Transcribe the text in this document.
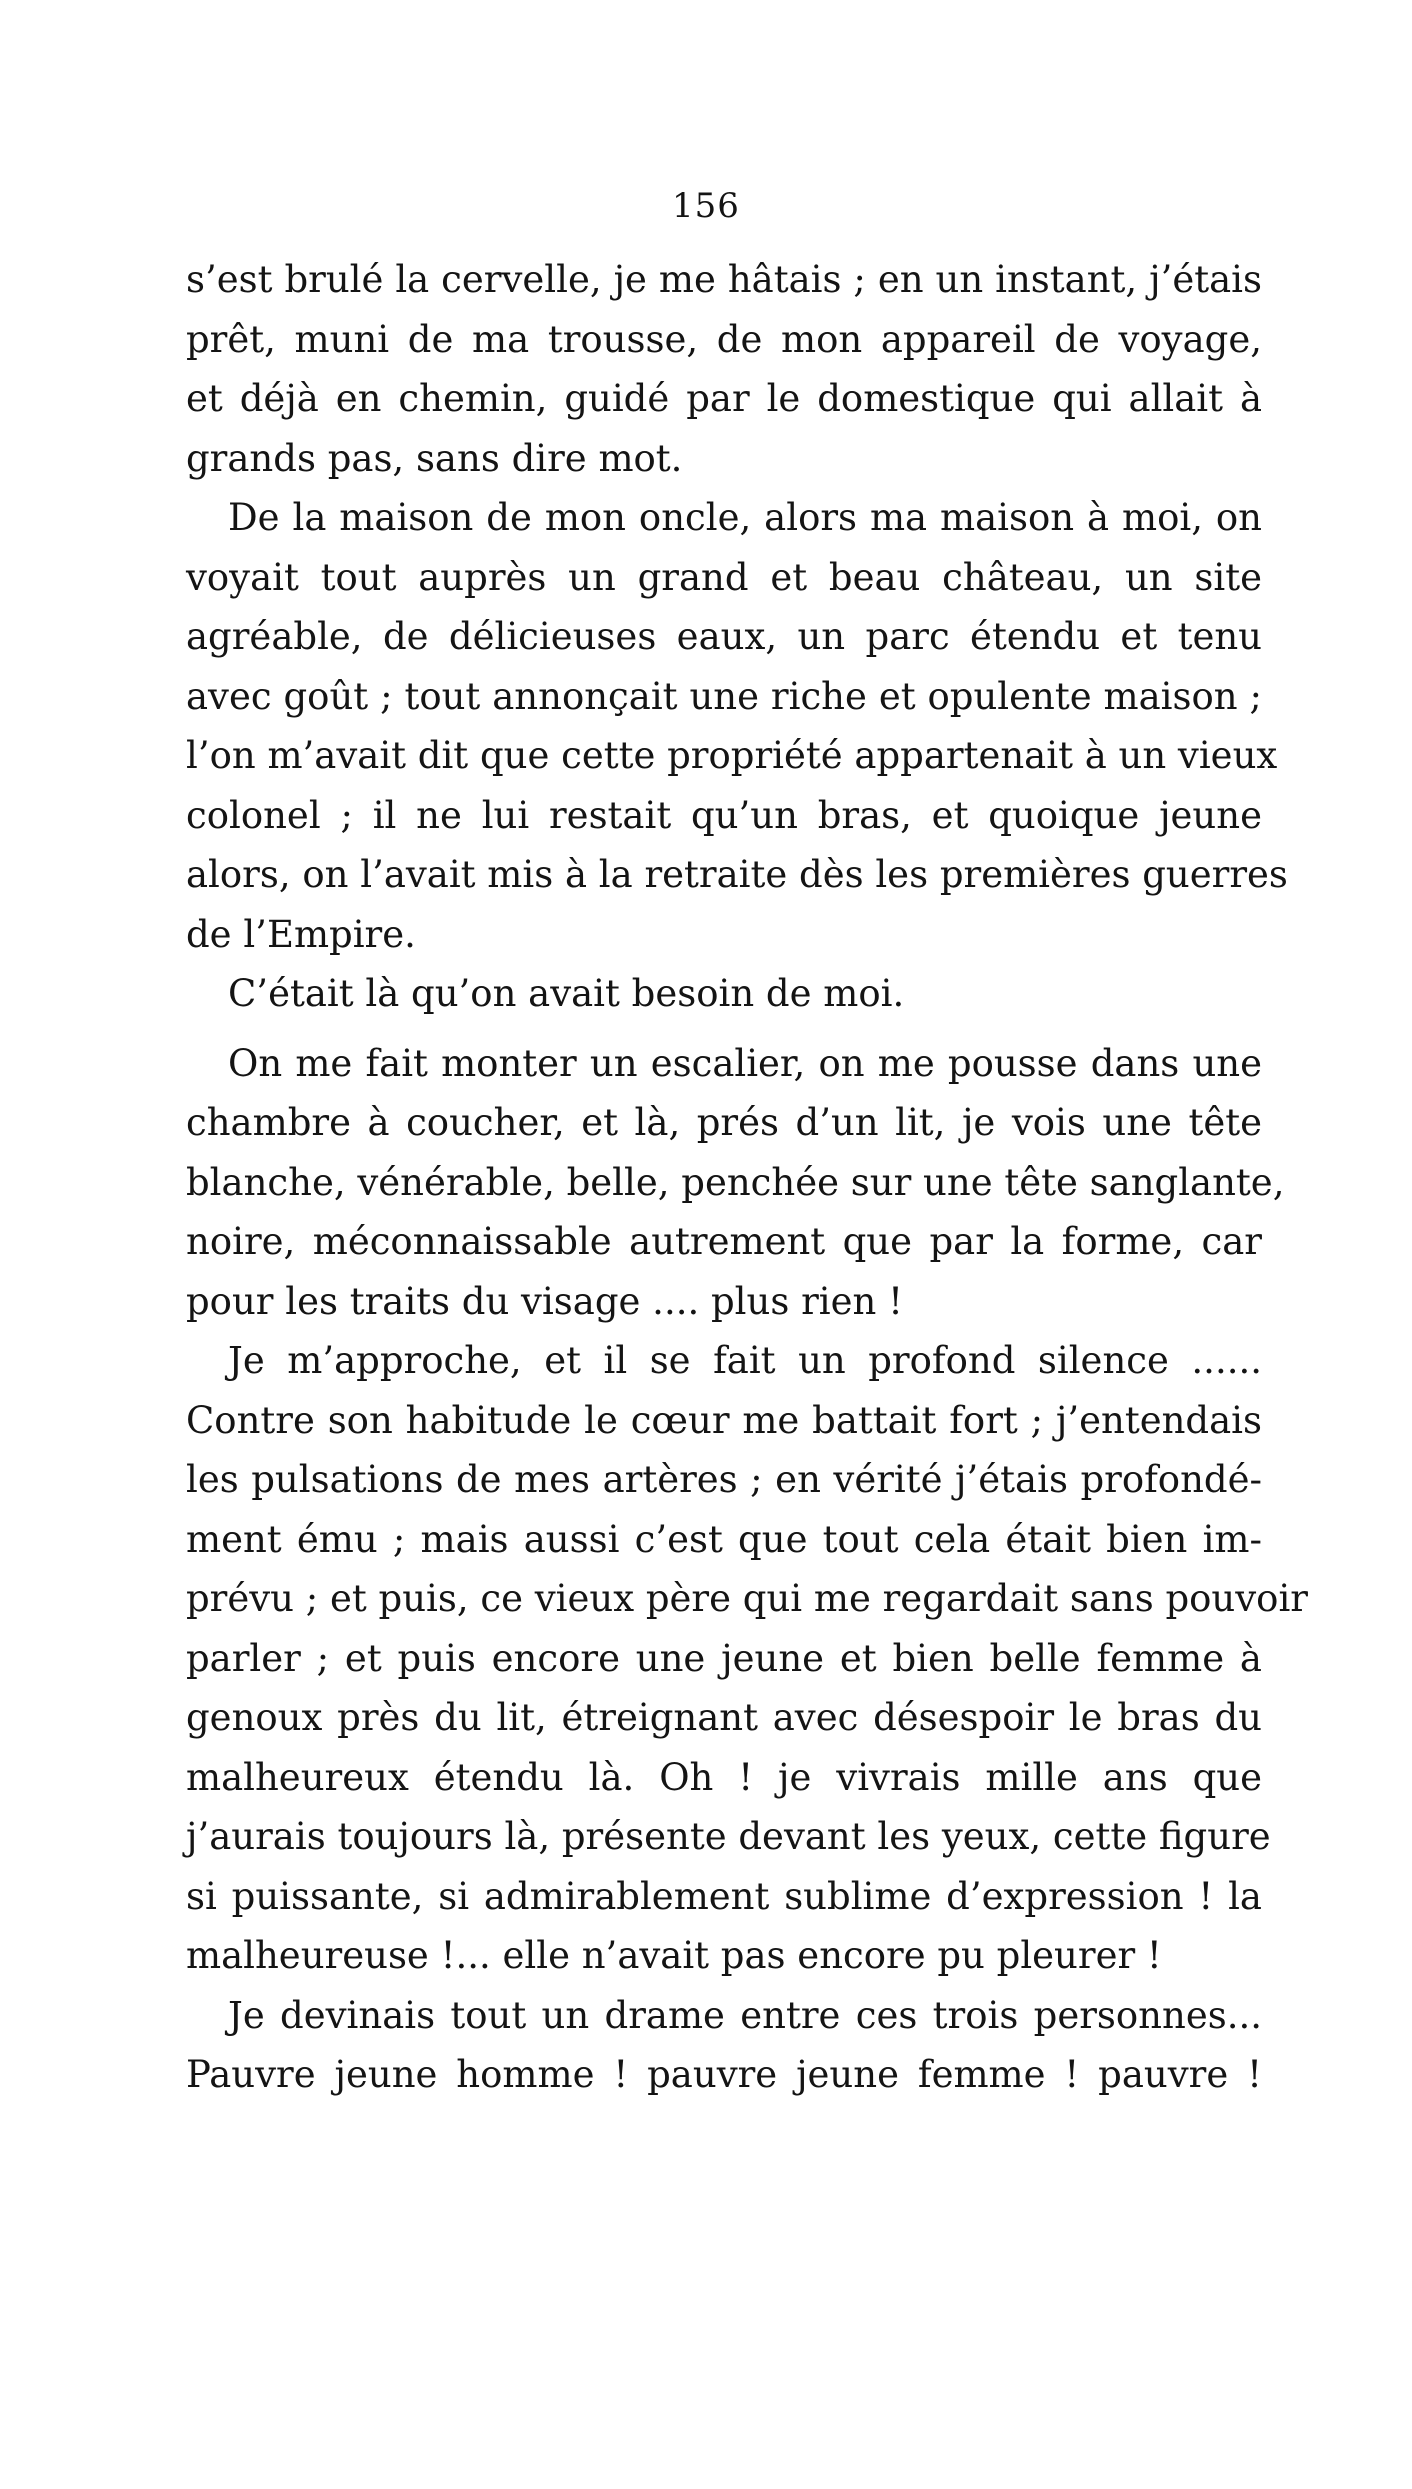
156
s’est brulé la cervelle, je me hâtais ; en un instant, j’étais
prêt, muni de ma trousse, de mon appareil de voyage,
et déjà en chemin, guidé par le domestique qui allait à
grands pas, sans dire mot.
De la maison de mon oncle, alors ma maison à moi, on
voyait tout auprès un grand et beau château, un site
agréable, de délicieuses eaux, un parc étendu et tenu
avec goût ; tout annonçait une riche et opulente maison ;
l’on m’avait dit que cette propriété appartenait à un vieux
colonel ; il ne lui restait qu’un bras, et quoique jeune
alors, on l’avait mis à la retraite dès les premières guerres
de l’Empire.
C’était là qu’on avait besoin de moi.
On me fait monter un escalier, on me pousse dans une
chambre à coucher, et là, prés d’un lit, je vois une tête
blanche, vénérable, belle, penchée sur une tête sanglante,
noire, méconnaissable autrement que par la forme, car
pour les traits du visage .... plus rien !
Je m’approche, et il se fait un profond silence ......
Contre son habitude le cœur me battait fort ; j’entendais
les pulsations de mes artères ; en vérité j’étais profondé-
ment ému ; mais aussi c’est que tout cela était bien im-
prévu ; et puis, ce vieux père qui me regardait sans pouvoir
parler ; et puis encore une jeune et bien belle femme à
genoux près du lit, étreignant avec désespoir le bras du
malheureux étendu là. Oh ! je vivrais mille ans que
j’aurais toujours là, présente devant les yeux, cette figure
si puissante, si admirablement sublime d’expression ! la
malheureuse !... elle n’avait pas encore pu pleurer !
Je devinais tout un drame entre ces trois personnes...
Pauvre jeune homme ! pauvre jeune femme ! pauvre !
